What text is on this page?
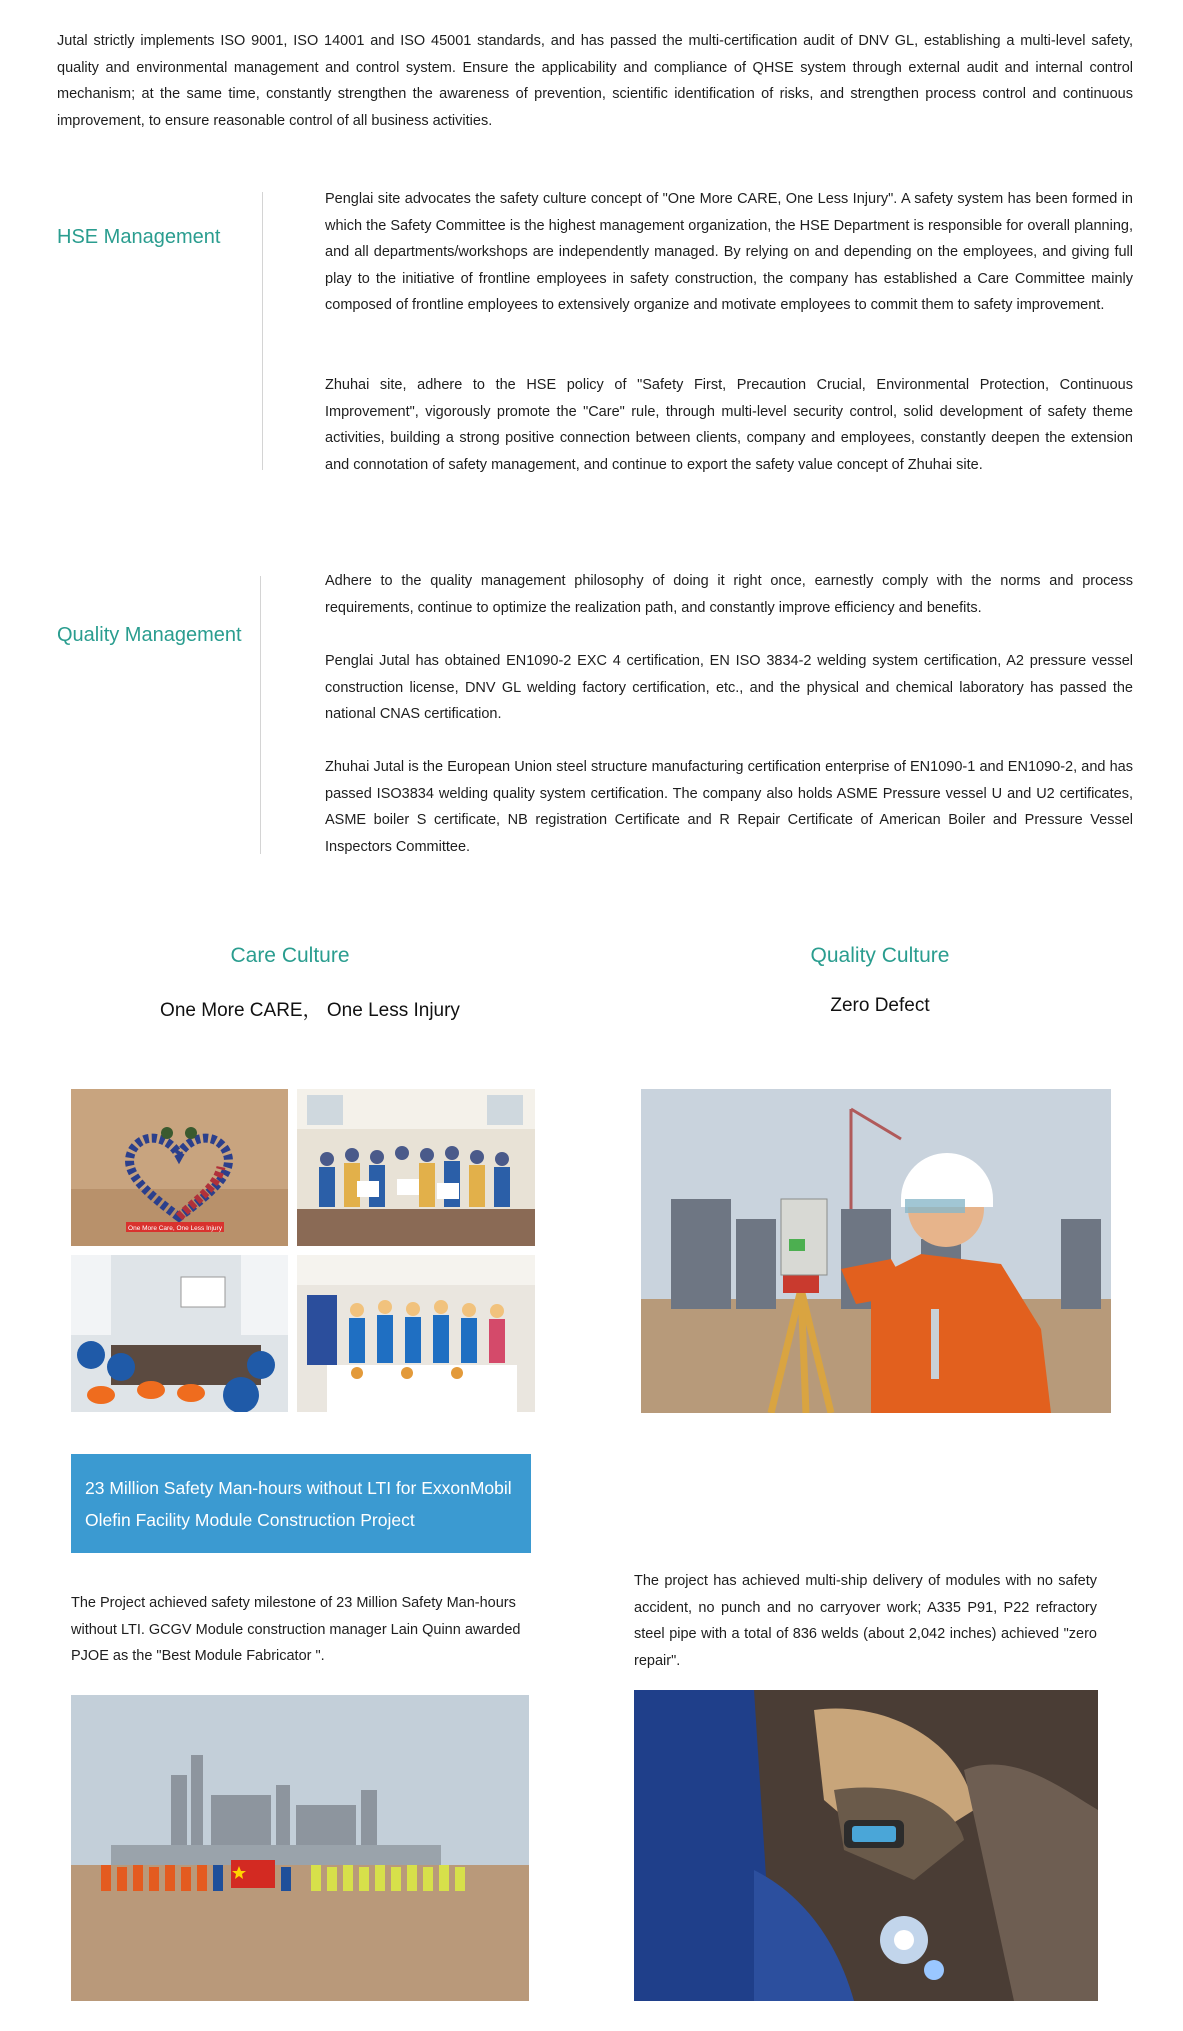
Jutal strictly implements ISO 9001, ISO 14001 and ISO 45001 standards, and has passed the multi-certification audit of DNV GL, establishing a multi-level safety, quality and environmental management and control system. Ensure the applicability and compliance of QHSE system through external audit and internal control mechanism; at the same time, constantly strengthen the awareness of prevention, scientific identification of risks, and strengthen process control and continuous improvement, to ensure reasonable control of all business activities.

HSE Management

Penglai site advocates the safety culture concept of "One More CARE, One Less Injury". A safety system has been formed in which the Safety Committee is the highest management organization, the HSE Department is responsible for overall planning, and all departments/workshops are independently managed. By relying on and depending on the employees, and giving full play to the initiative of frontline employees in safety construction, the company has established a Care Committee mainly composed of frontline employees to extensively organize and motivate employees to commit them to safety improvement.

Zhuhai site, adhere to the HSE policy of "Safety First, Precaution Crucial, Environmental Protection, Continuous Improvement", vigorously promote the "Care" rule, through multi-level security control, solid development of safety theme activities, building a strong positive connection between clients, company and employees, constantly deepen the extension and connotation of safety management, and continue to export the safety value concept of Zhuhai site.

Quality Management

Adhere to the quality management philosophy of doing it right once, earnestly comply with the norms and process requirements, continue to optimize the realization path, and constantly improve efficiency and benefits.

Penglai Jutal has obtained EN1090-2 EXC 4 certification, EN ISO 3834-2 welding system certification, A2 pressure vessel construction license, DNV GL welding factory certification, etc., and the physical and chemical laboratory has passed the national CNAS certification.

Zhuhai Jutal is the European Union steel structure manufacturing certification enterprise of EN1090-1 and EN1090-2, and has passed ISO3834 welding quality system certification. The company also holds ASME Pressure vessel U and U2 certificates, ASME boiler S certificate, NB registration Certificate and R Repair Certificate of American Boiler and Pressure Vessel Inspectors Committee.

Care Culture

One More CARE， One Less Injury

Quality Culture

Zero Defect

One More Care, One Less Injury
23 Million Safety Man-hours without LTI for ExxonMobil Olefin Facility Module Construction Project

The Project achieved safety milestone of 23 Million Safety Man-hours without LTI. GCGV Module construction manager Lain Quinn awarded PJOE as the "Best Module Fabricator ".

The project has achieved multi-ship delivery of modules with no safety accident, no punch and no carryover work; A335 P91, P22 refractory steel pipe with a total of 836 welds (about 2,042 inches) achieved "zero repair".
